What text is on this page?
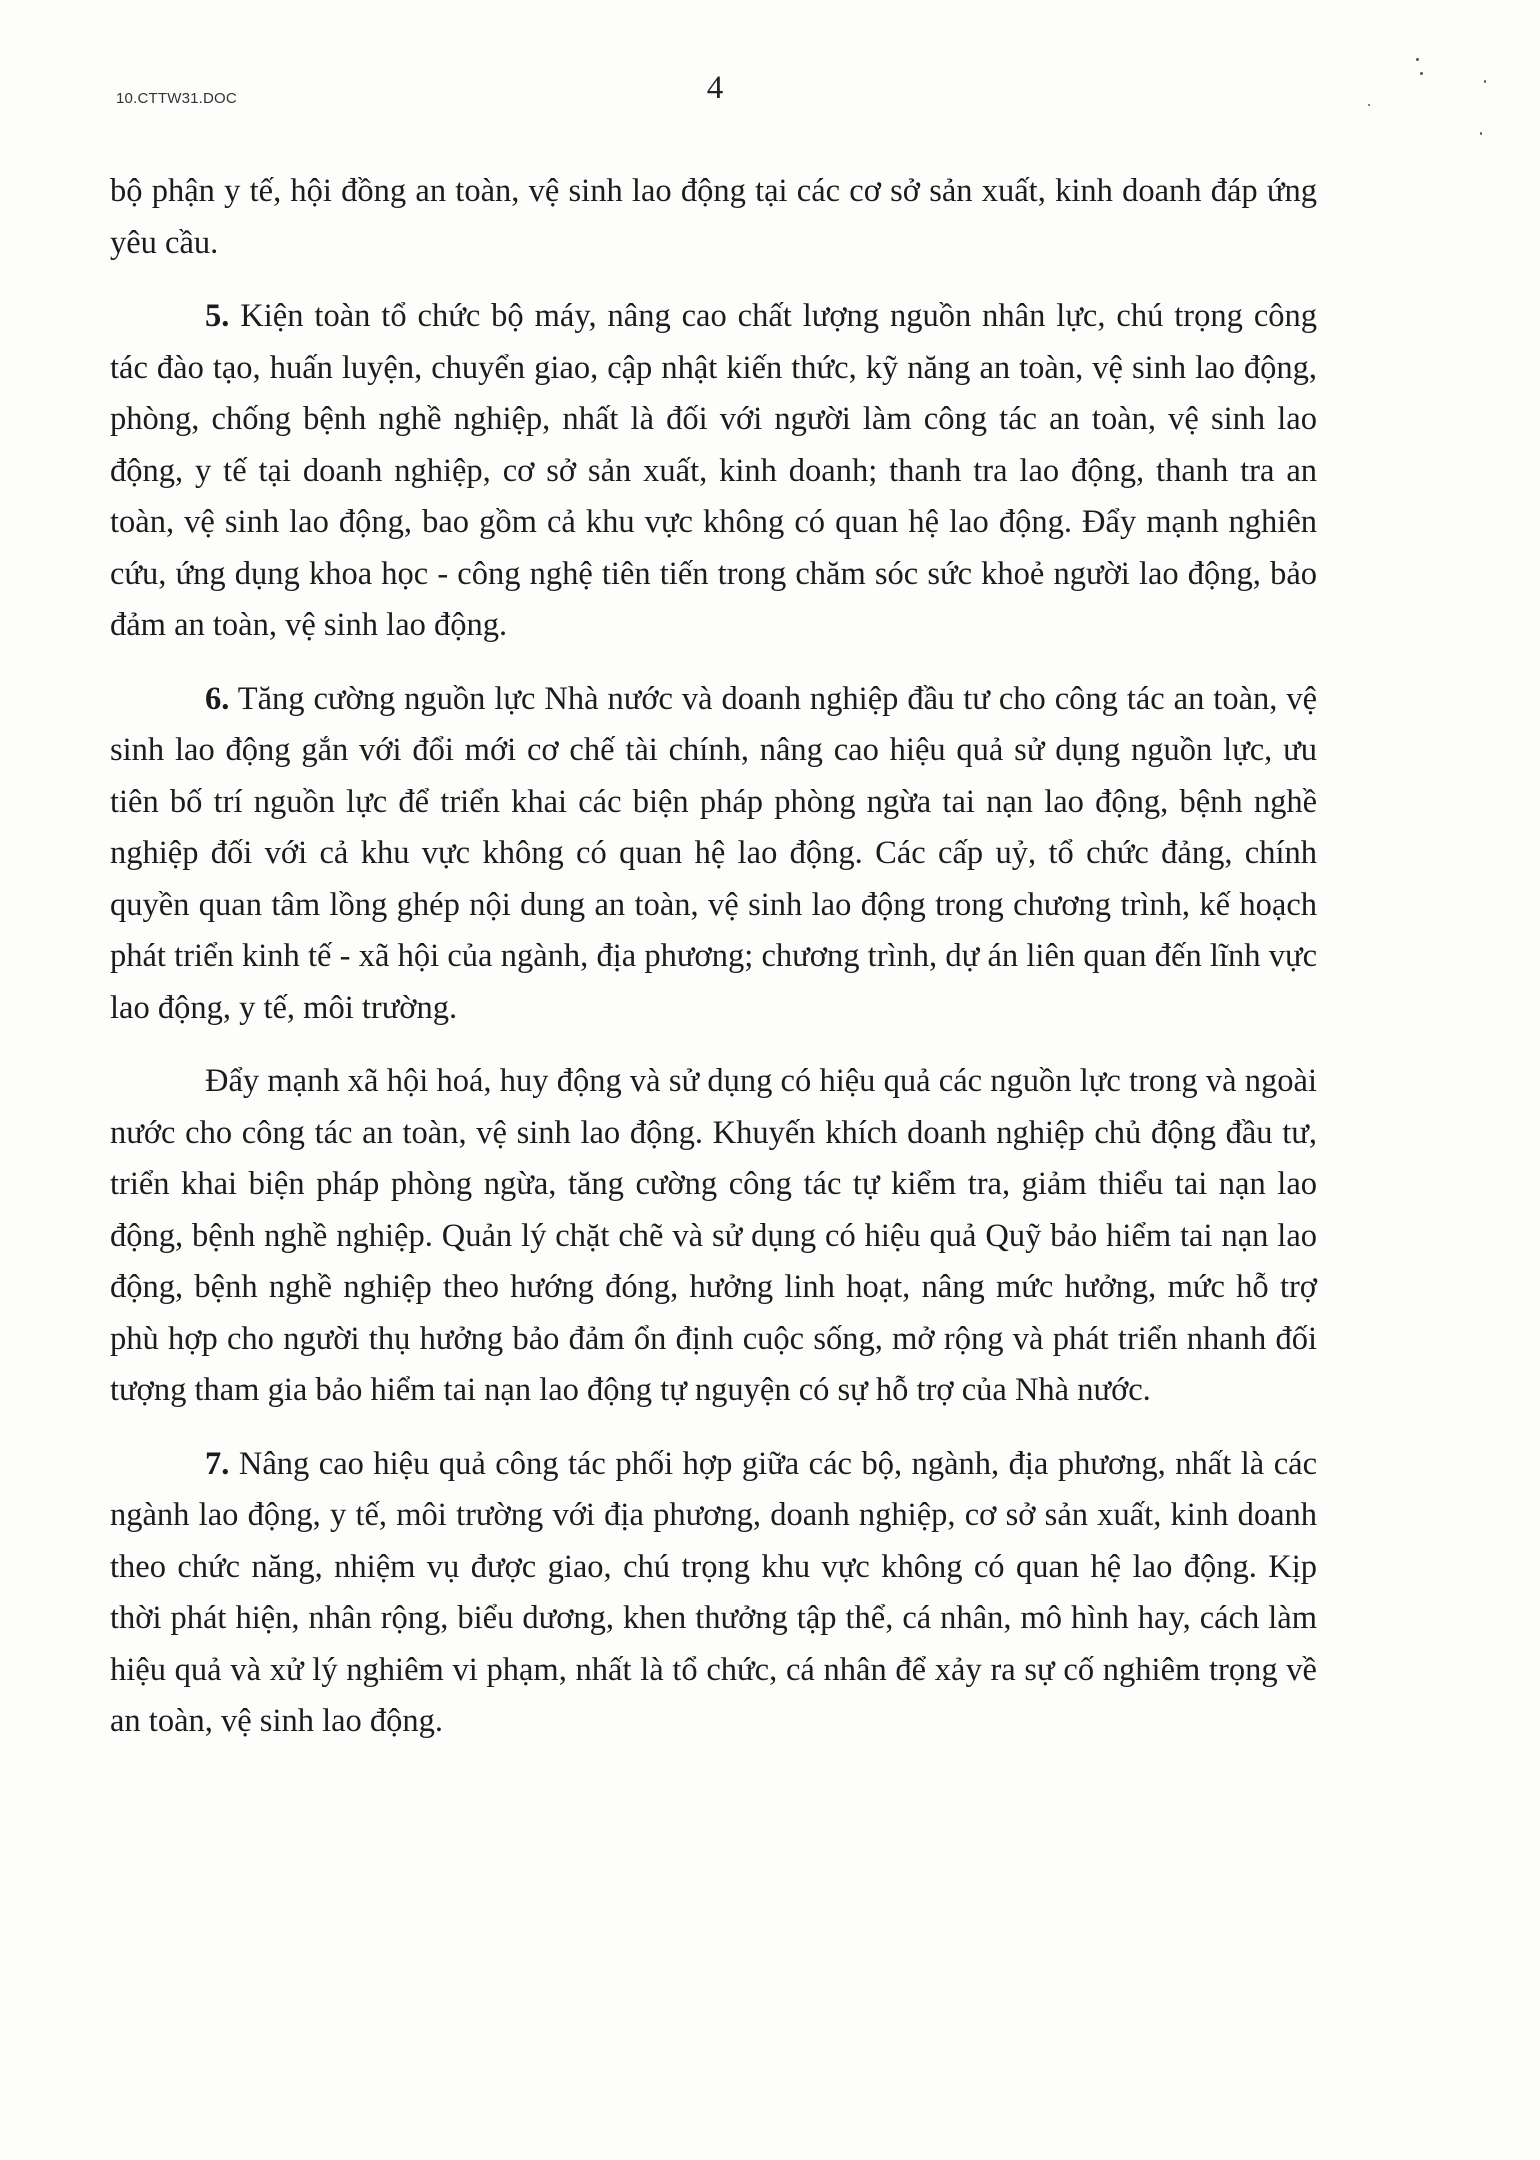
10.CTTW31.DOC	4

bộ phận y tế, hội đồng an toàn, vệ sinh lao động tại các cơ sở sản xuất, kinh doanh đáp ứng yêu cầu.

5. Kiện toàn tổ chức bộ máy, nâng cao chất lượng nguồn nhân lực, chú trọng công tác đào tạo, huấn luyện, chuyển giao, cập nhật kiến thức, kỹ năng an toàn, vệ sinh lao động, phòng, chống bệnh nghề nghiệp, nhất là đối với người làm công tác an toàn, vệ sinh lao động, y tế tại doanh nghiệp, cơ sở sản xuất, kinh doanh; thanh tra lao động, thanh tra an toàn, vệ sinh lao động, bao gồm cả khu vực không có quan hệ lao động. Đẩy mạnh nghiên cứu, ứng dụng khoa học - công nghệ tiên tiến trong chăm sóc sức khoẻ người lao động, bảo đảm an toàn, vệ sinh lao động.

6. Tăng cường nguồn lực Nhà nước và doanh nghiệp đầu tư cho công tác an toàn, vệ sinh lao động gắn với đổi mới cơ chế tài chính, nâng cao hiệu quả sử dụng nguồn lực, ưu tiên bố trí nguồn lực để triển khai các biện pháp phòng ngừa tai nạn lao động, bệnh nghề nghiệp đối với cả khu vực không có quan hệ lao động. Các cấp uỷ, tổ chức đảng, chính quyền quan tâm lồng ghép nội dung an toàn, vệ sinh lao động trong chương trình, kế hoạch phát triển kinh tế - xã hội của ngành, địa phương; chương trình, dự án liên quan đến lĩnh vực lao động, y tế, môi trường.

Đẩy mạnh xã hội hoá, huy động và sử dụng có hiệu quả các nguồn lực trong và ngoài nước cho công tác an toàn, vệ sinh lao động. Khuyến khích doanh nghiệp chủ động đầu tư, triển khai biện pháp phòng ngừa, tăng cường công tác tự kiểm tra, giảm thiểu tai nạn lao động, bệnh nghề nghiệp. Quản lý chặt chẽ và sử dụng có hiệu quả Quỹ bảo hiểm tai nạn lao động, bệnh nghề nghiệp theo hướng đóng, hưởng linh hoạt, nâng mức hưởng, mức hỗ trợ phù hợp cho người thụ hưởng bảo đảm ổn định cuộc sống, mở rộng và phát triển nhanh đối tượng tham gia bảo hiểm tai nạn lao động tự nguyện có sự hỗ trợ của Nhà nước.

7. Nâng cao hiệu quả công tác phối hợp giữa các bộ, ngành, địa phương, nhất là các ngành lao động, y tế, môi trường với địa phương, doanh nghiệp, cơ sở sản xuất, kinh doanh theo chức năng, nhiệm vụ được giao, chú trọng khu vực không có quan hệ lao động. Kịp thời phát hiện, nhân rộng, biểu dương, khen thưởng tập thể, cá nhân, mô hình hay, cách làm hiệu quả và xử lý nghiêm vi phạm, nhất là tổ chức, cá nhân để xảy ra sự cố nghiêm trọng về an toàn, vệ sinh lao động.
